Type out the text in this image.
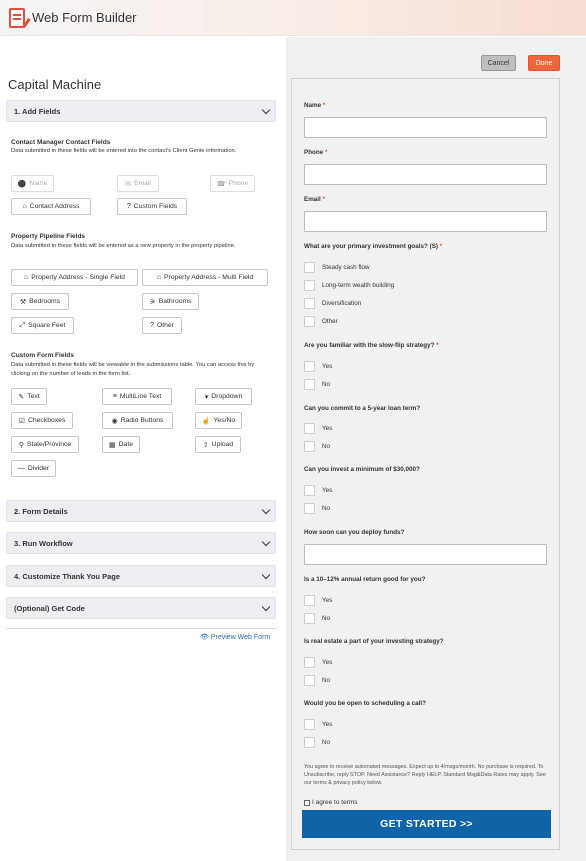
Web Form Builder
Capital Machine
1. Add Fields
Contact Manager Contact Fields
Data submitted in these fields will be entered into the contact's Client Genie information.
⚫ Name	✉ Email	☎ Phone
⌂ Contact Address	? Custom Fields
Property Pipeline Fields
Data submitted in these fields will be entered as a new property in the property pipeline.
⌂ Property Address - Single Field	⌂ Property Address - Multi Field
⚒ Bedrooms	⚞ Bathrooms
⤢ Square Feet	? Other
Custom Form Fields
Data submitted in these fields will be viewable in the submissions table. You can access this by clicking on the number of leads in the form list.
✎ Text	≡ MultiLine Text	▾ Dropdown
☑ Checkboxes	◉ Radio Buttons	☝ Yes/No
⚲ State/Province	▦ Date	⇧ Upload
— Divider
2. Form Details
3. Run Workflow
4. Customize Thank You Page
(Optional) Get Code
👁 Preview Web Form
Cancel	Done
Name *
Phone *
Email *
What are your primary investment goals? (S) *
Steady cash flow
Long-term wealth building
Diversification
Other
Are you familiar with the slow-flip strategy? *
Yes
No
Can you commit to a 5-year loan term?
Yes
No
Can you invest a minimum of $30,000?
Yes
No
How soon can you deploy funds?
Is a 10–12% annual return good for you?
Yes
No
Is real estate a part of your investing strategy?
Yes
No
Would you be open to scheduling a call?
Yes
No
You agree to receive automated messages. Expect up to 4/msgs/month. No purchase is required. To Unsubscribe, reply STOP. Need Assistance? Reply HELP. Standard Msg&Data Rates may apply. See our terms & privacy policy below.
I agree to terms
GET STARTED >>
